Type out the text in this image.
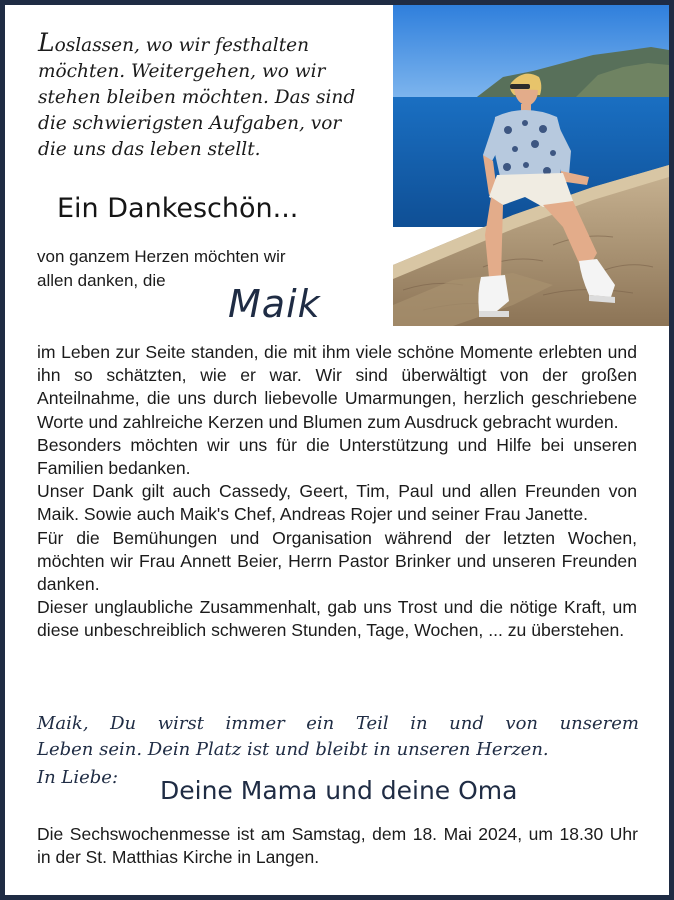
Loslassen, wo wir festhalten
möchten. Weitergehen, wo wir
stehen bleiben möchten. Das sind
die schwierigsten Aufgaben, vor
die uns das leben stellt.
Ein Dankeschön...
von ganzem Herzen möchten wir
allen danken, die
Maik

im Leben zur Seite standen, die mit ihm viele schöne Momente erlebten und ihn so schätzten, wie er war. Wir sind überwältigt von der großen Anteilnahme, die uns durch liebevolle Umarmungen, herzlich geschriebene Worte und zahlreiche Kerzen und Blumen zum Ausdruck gebracht wurden.

Besonders möchten wir uns für die Unterstützung und Hilfe bei unseren Familien bedanken.

Unser Dank gilt auch Cassedy, Geert, Tim, Paul und allen Freunden von Maik. Sowie auch Maik's Chef, Andreas Rojer und seiner Frau Janette.

Für die Bemühungen und Organisation während der letzten Wochen, möchten wir Frau Annett Beier, Herrn Pastor Brinker und unseren Freunden danken.

Dieser unglaubliche Zusammenhalt, gab uns Trost und die nötige Kraft, um diese unbeschreiblich schweren Stunden, Tage, Wochen, ... zu überstehen.

Maik, Du wirst immer ein Teil in und von unserem
Leben sein. Dein Platz ist und bleibt in unseren Herzen.
In Liebe: Deine Mama und deine Oma
Die Sechswochenmesse ist am Samstag, dem 18. Mai 2024, um 18.30 Uhr in der St. Matthias Kirche in Langen.
